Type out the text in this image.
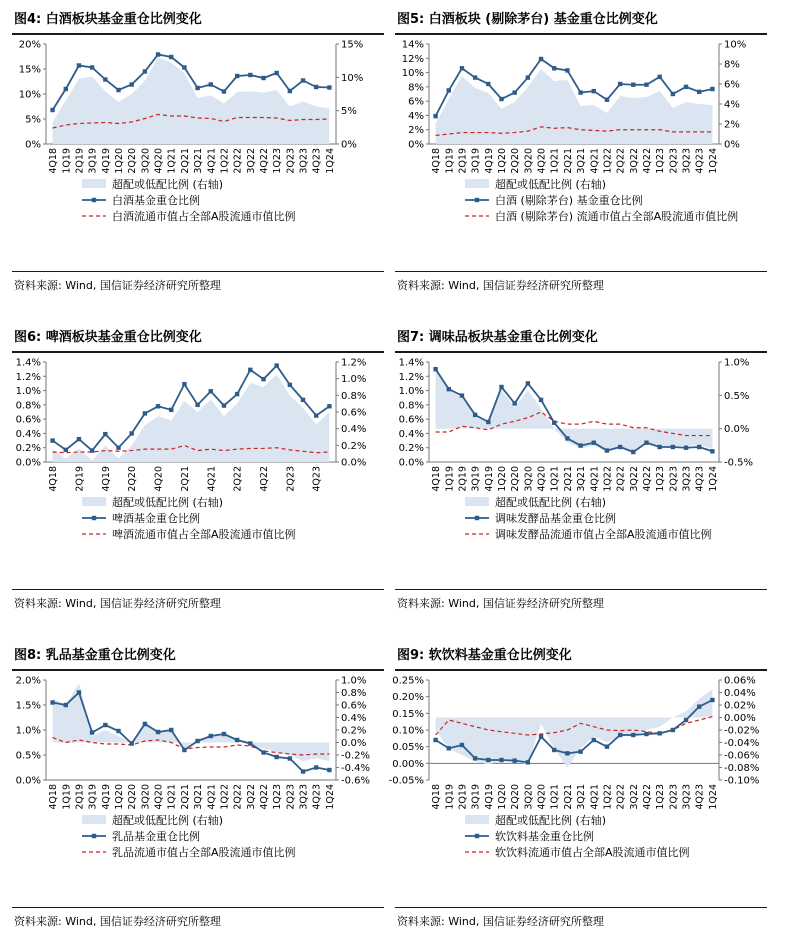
图4: 白酒板块基金重仓比例变化
0%
5%
10%
15%
20%
0%
5%
10%
15%
4Q18 1Q19 2Q19 3Q19 4Q19 1Q20 2Q20 3Q20 4Q20 1Q21 2Q21 3Q21 4Q21 1Q22 2Q22 3Q22 4Q22 1Q23 2Q23 3Q23 4Q23 1Q24
超配或低配比例 (右轴)
白酒基金重仓比例
白酒流通市值占全部A股流通市值比例
资料来源: Wind, 国信证券经济研究所整理
图5: 白酒板块 (剔除茅台) 基金重仓比例变化
0%
2%
4%
6%
8%
10%
12%
14%
0%
2%
4%
6%
8%
10%
4Q18 1Q19 2Q19 3Q19 4Q19 1Q20 2Q20 3Q20 4Q20 1Q21 2Q21 3Q21 4Q21 1Q22 2Q22 3Q22 4Q22 1Q23 2Q23 3Q23 4Q23 1Q24
超配或低配比例 (右轴)
白酒 (剔除茅台) 基金重仓比例
白酒 (剔除茅台) 流通市值占全部A股流通市值比例
资料来源: Wind, 国信证券经济研究所整理
图6: 啤酒板块基金重仓比例变化
0.0%
0.2%
0.4%
0.6%
0.8%
1.0%
1.2%
1.4%
0.0%
0.2%
0.4%
0.6%
0.8%
1.0%
1.2%
4Q18 2Q19 4Q19 2Q20 4Q20 2Q21 4Q21 2Q22 4Q22 2Q23 4Q23
超配或低配比例 (右轴)
啤酒基金重仓比例
啤酒流通市值占全部A股流通市值比例
资料来源: Wind, 国信证券经济研究所整理
图7: 调味品板块基金重仓比例变化
0.0%
0.2%
0.4%
0.6%
0.8%
1.0%
1.2%
1.4%
-0.5%
0.0%
0.5%
1.0%
4Q18 1Q19 2Q19 3Q19 4Q19 1Q20 2Q20 3Q20 4Q20 1Q21 2Q21 3Q21 4Q21 1Q22 2Q22 3Q22 4Q22 1Q23 2Q23 3Q23 4Q23 1Q24
超配或低配比例 (右轴)
调味发酵品基金重仓比例
调味发酵品流通市值占全部A股流通市值比例
资料来源: Wind, 国信证券经济研究所整理
图8: 乳品基金重仓比例变化
0.0%
0.5%
1.0%
1.5%
2.0%
-0.6%
-0.4%
-0.2%
0.0%
0.2%
0.4%
0.6%
0.8%
1.0%
4Q18 1Q19 2Q19 3Q19 4Q19 1Q20 2Q20 3Q20 4Q20 1Q21 2Q21 3Q21 4Q21 1Q22 2Q22 3Q22 4Q22 1Q23 2Q23 3Q23 4Q23 1Q24
超配或低配比例 (右轴)
乳品基金重仓比例
乳品流通市值占全部A股流通市值比例
资料来源: Wind, 国信证券经济研究所整理
图9: 软饮料基金重仓比例变化
-0.05%
0.00%
0.05%
0.10%
0.15%
0.20%
0.25%
-0.10%
-0.08%
-0.06%
-0.04%
-0.02%
0.00%
0.02%
0.04%
0.06%
4Q18 1Q19 2Q19 3Q19 4Q19 1Q20 2Q20 3Q20 4Q20 1Q21 2Q21 3Q21 4Q21 1Q22 2Q22 3Q22 4Q22 1Q23 2Q23 3Q23 4Q23 1Q24
超配或低配比例 (右轴)
软饮料基金重仓比例
软饮料流通市值占全部A股流通市值比例
资料来源: Wind, 国信证券经济研究所整理
